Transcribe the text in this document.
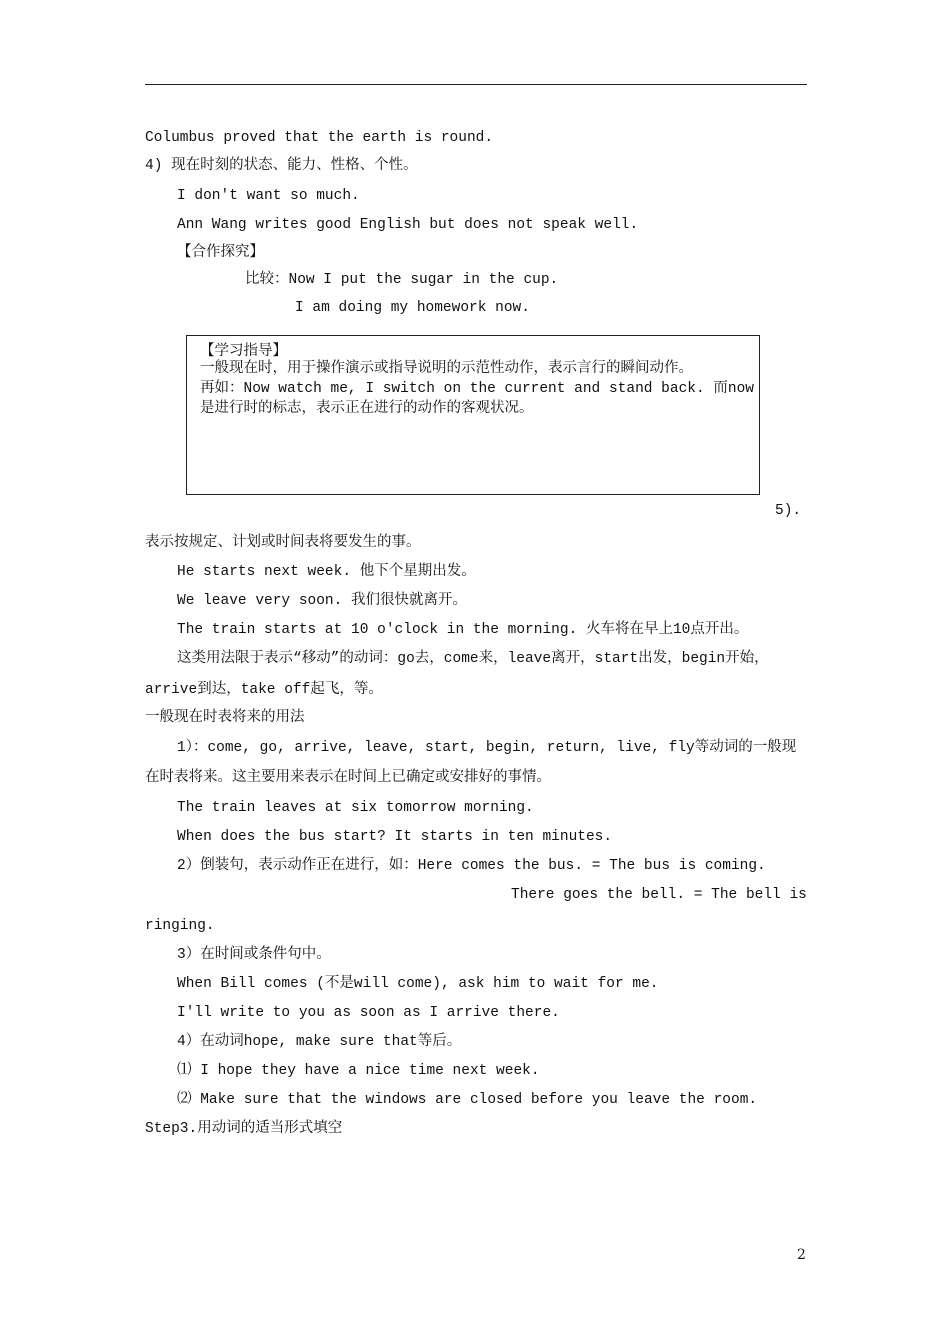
Columbus proved that the earth is round.
4) 现在时刻的状态、能力、性格、个性。
I don't want so much.
Ann Wang writes good English but does not speak well.
【合作探究】
比较：Now I put the sugar in the cup.
I am doing my homework now.
【学习指导】
一般现在时，用于操作演示或指导说明的示范性动作，表示言行的瞬间动作。
再如：Now watch me, I switch on the current and stand back. 而now
是进行时的标志，表示正在进行的动作的客观状况。
5).
表示按规定、计划或时间表将要发生的事。
He starts next week. 他下个星期出发。
We leave very soon. 我们很快就离开。
The train starts at 10 o'clock in the morning. 火车将在早上10点开出。
这类用法限于表示“移动”的动词：go去，come来，leave离开，start出发，begin开始，
arrive到达，take off起飞，等。
一般现在时表将来的用法
1）：come, go, arrive, leave, start, begin, return, live, fly等动词的一般现
在时表将来。这主要用来表示在时间上已确定或安排好的事情。
The train leaves at six tomorrow morning.
When does the bus start? It starts in ten minutes.
2）倒装句，表示动作正在进行，如：Here comes the bus. = The bus is coming.
There goes the bell. = The bell is
ringing.
3）在时间或条件句中。
When Bill comes (不是will come), ask him to wait for me.
I'll write to you as soon as I arrive there.
4）在动词hope, make sure that等后。
⑴ I hope they have a nice time next week.
⑵ Make sure that the windows are closed before you leave the room.
Step3.用动词的适当形式填空
2
